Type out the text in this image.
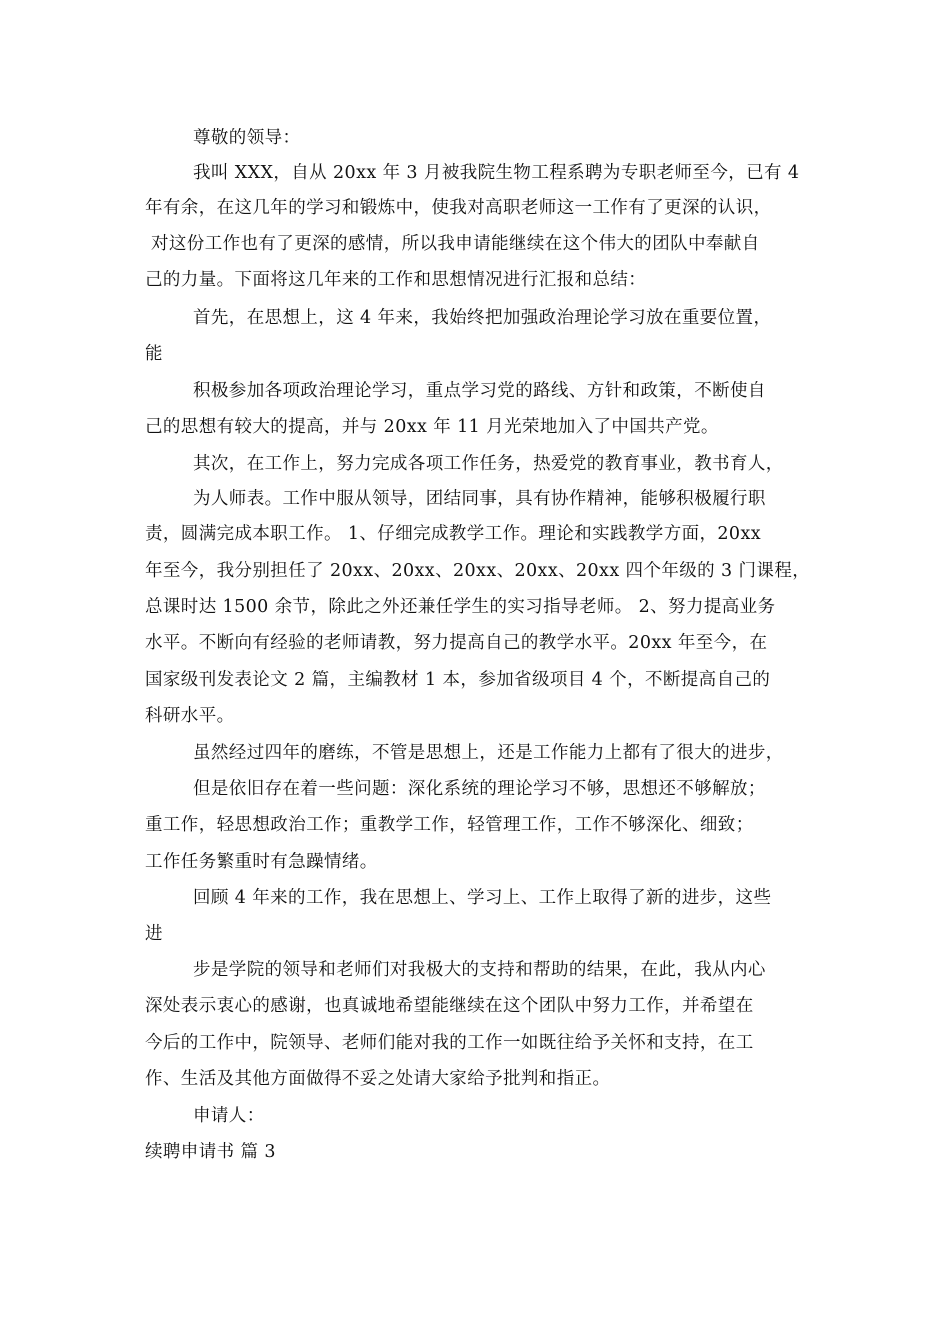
尊敬的领导：
我叫 XXX，自从 20xx 年 3 月被我院生物工程系聘为专职老师至今，已有 4
年有余，在这几年的学习和锻炼中，使我对高职老师这一工作有了更深的认识，
对这份工作也有了更深的感情，所以我申请能继续在这个伟大的团队中奉献自
己的力量。下面将这几年来的工作和思想情况进行汇报和总结：
首先，在思想上，这 4 年来，我始终把加强政治理论学习放在重要位置，
能
积极参加各项政治理论学习，重点学习党的路线、方针和政策，不断使自
己的思想有较大的提高，并与 20xx 年 11 月光荣地加入了中国共产党。
其次，在工作上，努力完成各项工作任务，热爱党的教育事业，教书育人，
为人师表。工作中服从领导，团结同事，具有协作精神，能够积极履行职
责，圆满完成本职工作。 1、仔细完成教学工作。理论和实践教学方面，20xx
年至今，我分别担任了 20xx、20xx、20xx、20xx、20xx 四个年级的 3 门课程，
总课时达 1500 余节，除此之外还兼任学生的实习指导老师。 2、努力提高业务
水平。不断向有经验的老师请教，努力提高自己的教学水平。20xx 年至今，在
国家级刊发表论文 2 篇，主编教材 1 本，参加省级项目 4 个，不断提高自己的
科研水平。
虽然经过四年的磨练，不管是思想上，还是工作能力上都有了很大的进步，
但是依旧存在着一些问题：深化系统的理论学习不够，思想还不够解放；
重工作，轻思想政治工作；重教学工作，轻管理工作，工作不够深化、细致；
工作任务繁重时有急躁情绪。
回顾 4 年来的工作，我在思想上、学习上、工作上取得了新的进步，这些
进
步是学院的领导和老师们对我极大的支持和帮助的结果，在此，我从内心
深处表示衷心的感谢，也真诚地希望能继续在这个团队中努力工作，并希望在
今后的工作中，院领导、老师们能对我的工作一如既往给予关怀和支持，在工
作、生活及其他方面做得不妥之处请大家给予批判和指正。
申请人：
续聘申请书 篇 3
